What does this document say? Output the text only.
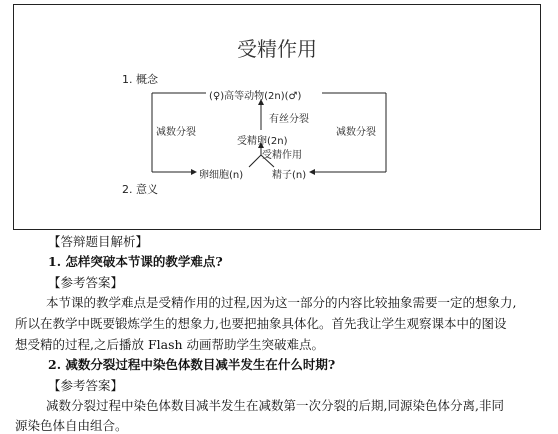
受精作用
1. 概念
(♀)高等动物(2n)(♂)
有丝分裂
受精卵(2n)
受精作用
减数分裂	减数分裂
卵细胞(n)	精子(n)
2. 意义
【答辩题目解析】
1. 怎样突破本节课的教学难点?
【参考答案】
本节课的教学难点是受精作用的过程,因为这一部分的内容比较抽象需要一定的想象力,
所以在教学中既要锻炼学生的想象力,也要把抽象具体化。首先我让学生观察课本中的图设
想受精的过程,之后播放 Flash 动画帮助学生突破难点。
2. 减数分裂过程中染色体数目减半发生在什么时期?
【参考答案】
减数分裂过程中染色体数目减半发生在减数第一次分裂的后期,同源染色体分离,非同
源染色体自由组合。
